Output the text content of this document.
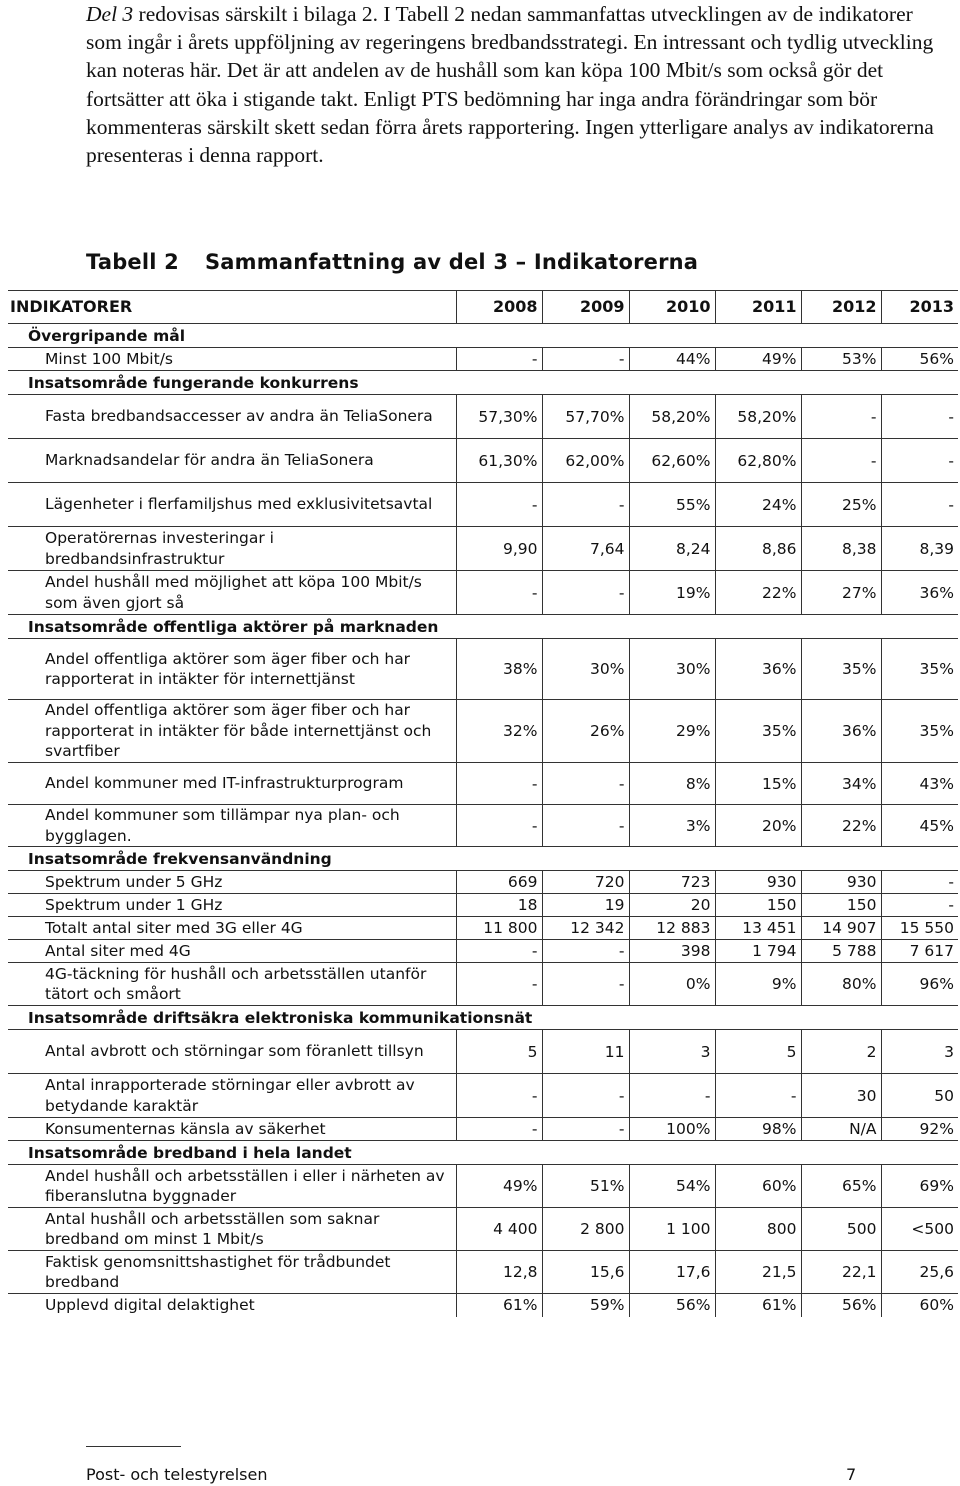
Del 3 redovisas särskilt i bilaga 2. I Tabell 2 nedan sammanfattas utvecklingen av de indikatorer som ingår i årets uppföljning av regeringens bredbandsstrategi. En intressant och tydlig utveckling kan noteras här. Det är att andelen av de hushåll som kan köpa 100 Mbit/s som också gör det fortsätter att öka i stigande takt. Enligt PTS bedömning har inga andra förändringar som bör kommenteras särskilt skett sedan förra årets rapportering. Ingen ytterligare analys av indikatorerna presenteras i denna rapport.

Tabell 2 Sammanfattning av del 3 – Indikatorerna
INDIKATORER	2008	2009	2010	2011	2012	2013
Övergripande mål						
Minst 100 Mbit/s	-	-	44%	49%	53%	56%
Insatsområde fungerande konkurrens						
Fasta bredbandsaccesser av andra än TeliaSonera	57,30%	57,70%	58,20%	58,20%	-	-
Marknadsandelar för andra än TeliaSonera	61,30%	62,00%	62,60%	62,80%	-	-
Lägenheter i flerfamiljshus med exklusivitetsavtal	-	-	55%	24%	25%	-
Operatörernas investeringar i bredbandsinfrastruktur	9,90	7,64	8,24	8,86	8,38	8,39
Andel hushåll med möjlighet att köpa 100 Mbit/s som även gjort så	-	-	19%	22%	27%	36%
Insatsområde offentliga aktörer på marknaden						
Andel offentliga aktörer som äger fiber och har rapporterat in intäkter för internettjänst	38%	30%	30%	36%	35%	35%
Andel offentliga aktörer som äger fiber och har rapporterat in intäkter för både internettjänst och svartfiber	32%	26%	29%	35%	36%	35%
Andel kommuner med IT-infrastrukturprogram	-	-	8%	15%	34%	43%
Andel kommuner som tillämpar nya plan- och bygglagen.	-	-	3%	20%	22%	45%
Insatsområde frekvensanvändning						
Spektrum under 5 GHz	669	720	723	930	930	-
Spektrum under 1 GHz	18	19	20	150	150	-
Totalt antal siter med 3G eller 4G	11 800	12 342	12 883	13 451	14 907	15 550
Antal siter med 4G	-	-	398	1 794	5 788	7 617
4G-täckning för hushåll och arbetsställen utanför tätort och småort	-	-	0%	9%	80%	96%
Insatsområde driftsäkra elektroniska kommunikationsnät						
Antal avbrott och störningar som föranlett tillsyn	5	11	3	5	2	3
Antal inrapporterade störningar eller avbrott av betydande karaktär	-	-	-	-	30	50
Konsumenternas känsla av säkerhet	-	-	100%	98%	N/A	92%
Insatsområde bredband i hela landet						
Andel hushåll och arbetsställen i eller i närheten av fiberanslutna byggnader	49%	51%	54%	60%	65%	69%
Antal hushåll och arbetsställen som saknar bredband om minst 1 Mbit/s	4 400	2 800	1 100	800	500	<500
Faktisk genomsnittshastighet för trådbundet bredband	12,8	15,6	17,6	21,5	22,1	25,6
Upplevd digital delaktighet	61%	59%	56%	61%	56%	60%
Post- och telestyrelsen	7
